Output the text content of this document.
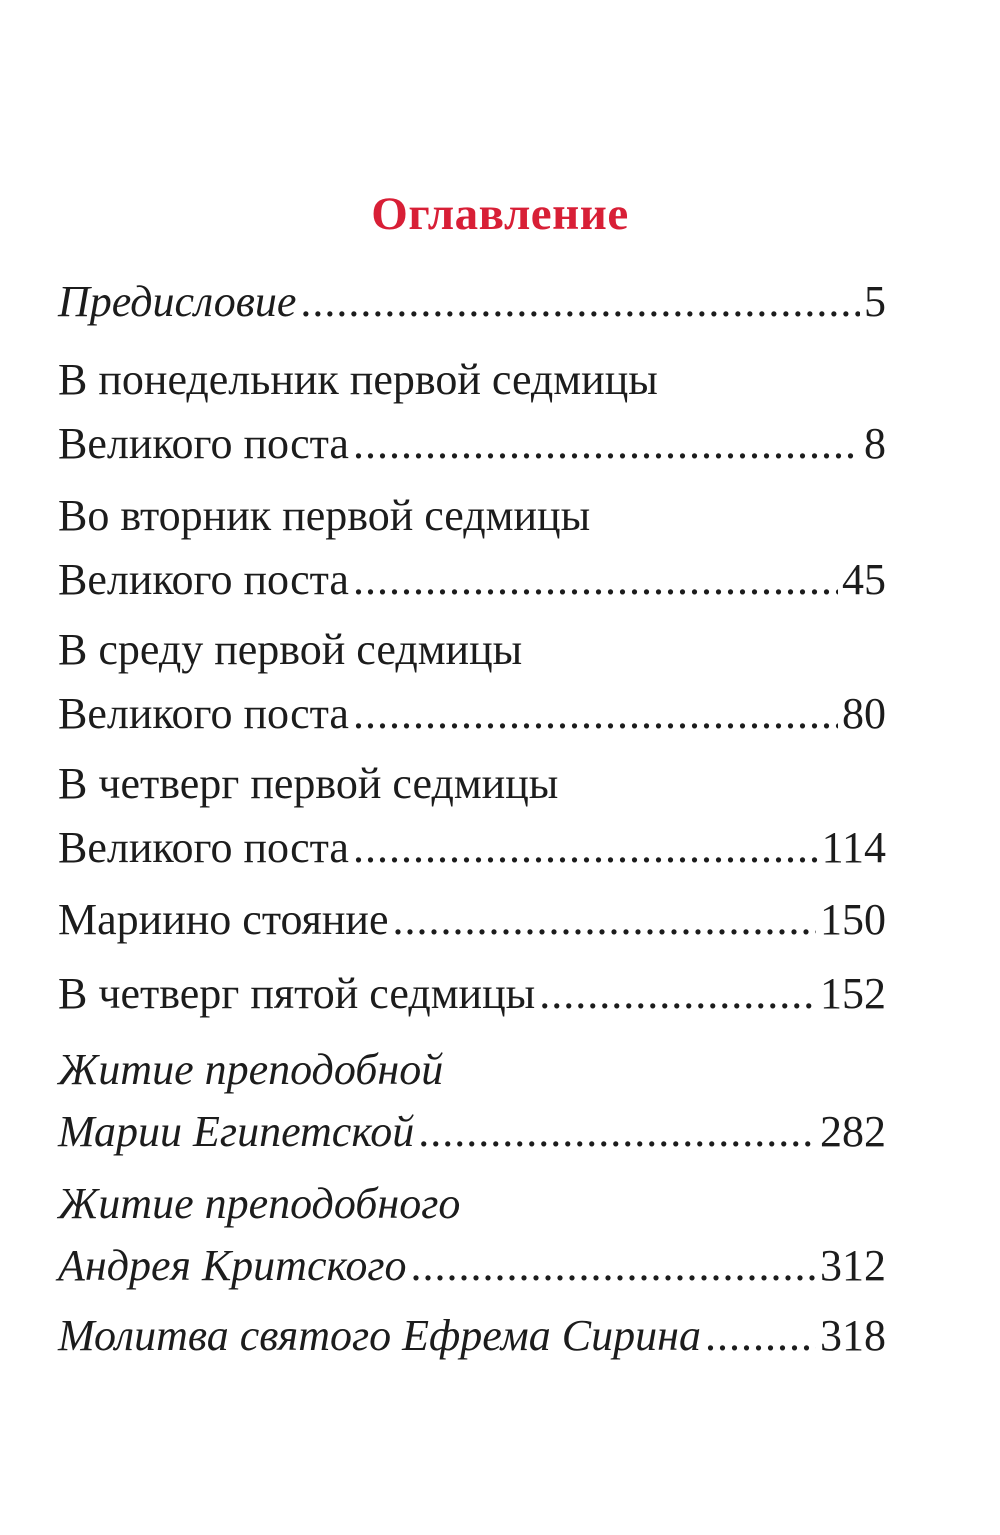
Оглавление
Предисловие .....	5
В понедельник первой седмицы
Великого поста .....	8
Во вторник первой седмицы
Великого поста .....	45
В среду первой седмицы
Великого поста .....	80
В четверг первой седмицы
Великого поста .....	114
Мариино стояние .....	150
В четверг пятой седмицы .....	152
Житие преподобной
Марии Египетской .....	282
Житие преподобного
Андрея Критского .....	312
Молитва святого Ефрема Сирина .....	318
